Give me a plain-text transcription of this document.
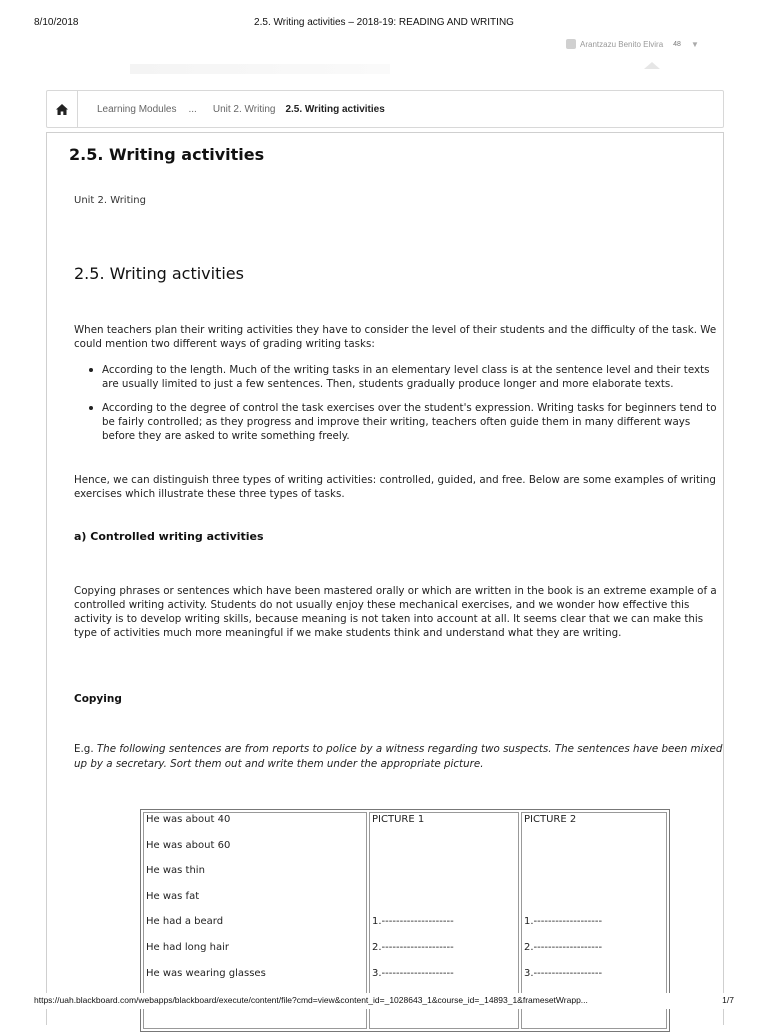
8/10/2018	2.5. Writing activities – 2018-19: READING AND WRITING
Arantzazu Benito Elvira 48 ▼
Learning Modules ... Unit 2. Writing 2.5. Writing activities
2.5. Writing activities
Unit 2. Writing
2.5. Writing activities

When teachers plan their writing activities they have to consider the level of their students and the difficulty of the task. We could mention two different ways of grading writing tasks:

According to the length. Much of the writing tasks in an elementary level class is at the sentence level and their texts are usually limited to just a few sentences. Then, students gradually produce longer and more elaborate texts.
According to the degree of control the task exercises over the student's expression. Writing tasks for beginners tend to be fairly controlled; as they progress and improve their writing, teachers often guide them in many different ways before they are asked to write something freely.

Hence, we can distinguish three types of writing activities: controlled, guided, and free. Below are some examples of writing exercises which illustrate these three types of tasks.

a) Controlled writing activities

Copying phrases or sentences which have been mastered orally or which are written in the book is an extreme example of a controlled writing activity. Students do not usually enjoy these mechanical exercises, and we wonder how effective this activity is to develop writing skills, because meaning is not taken into account at all. It seems clear that we can make this type of activities much more meaningful if we make students think and understand what they are writing.

Copying

E.g. The following sentences are from reports to police by a witness regarding two suspects. The sentences have been mixed up by a secretary. Sort them out and write them under the appropriate picture.

He was about 40
He was about 60
He was thin
He was fat
He had a beard
He had long hair
He was wearing glasses

PICTURE 1
1.--------------------
2.--------------------
3.--------------------

PICTURE 2
1.-------------------
2.-------------------
3.-------------------
https://uah.blackboard.com/webapps/blackboard/execute/content/file?cmd=view&content_id=_1028643_1&course_id=_14893_1&framesetWrapp...	1/7
